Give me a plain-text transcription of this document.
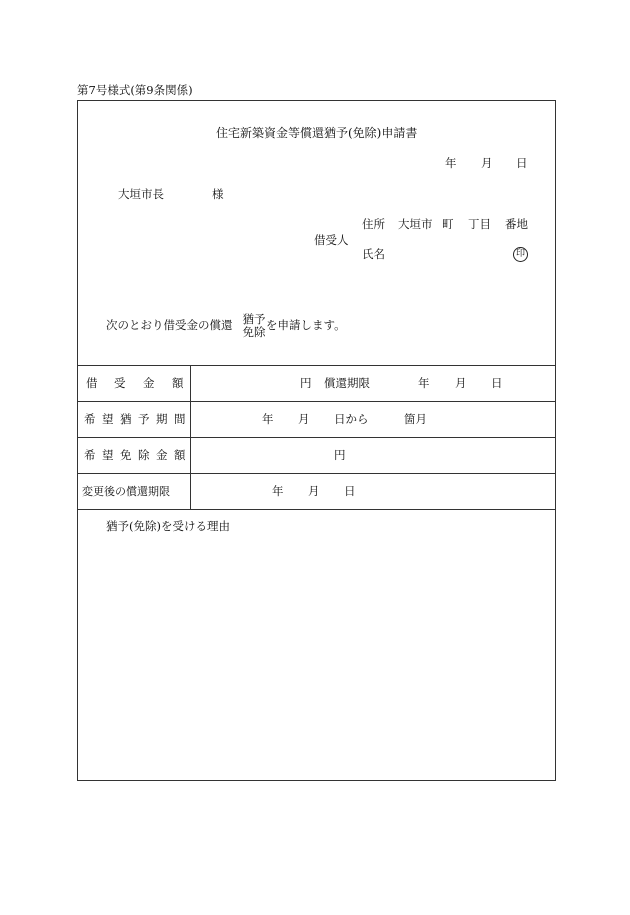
第7号様式(第9条関係)
住宅新築資金等償還猶予(免除)申請書
年 月 日
大垣市長	様
住所 大垣市 町 丁目 番地
借受人
氏名	印
次のとおり借受金の償還 猶予
免除 を申請します。
借 受 金 額	円 償還期限	年 月 日
希 望 猶 予 期 間	年 月 日から	箇月
希 望 免 除 金 額	円
変更後の償還期限	年 月 日
猶予(免除)を受ける理由
